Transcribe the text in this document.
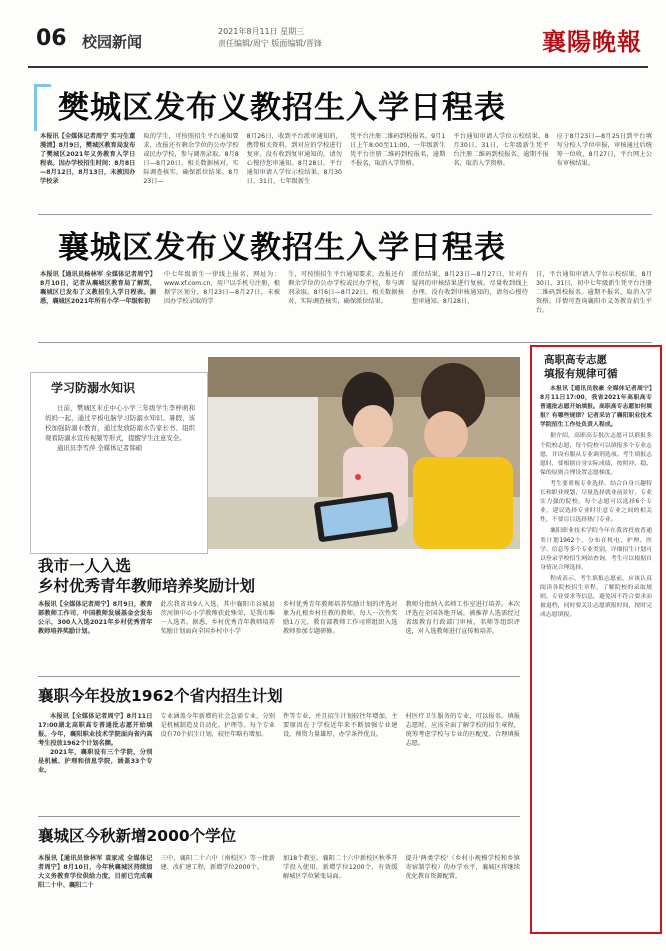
06 校园新闻
2021年8月11日 星期三
责任编辑/周宁 版面编辑/晋锋	襄陽晚報
樊城区发布义教招生入学日程表
本报讯【全媒体记者周宁 实习生董漫清】8月9日，樊城区教育局发布了樊城区2021年义务教育入学日程表。因办学校招生时间：8月8日—8月12日，8月13日，未被因办学校录
取的学生，可按照招生平台通知要求，改报还有剩余学位的公办学校或民办学校，参与调剂录取。8月8日—8月20日，相关数据核对，实际调查核实，确保派位结果。8月23日—
8月26日，收到平台派审通知的，携带相关资料，到对应的学校进行复审。没有收到复审通知的，请勿心慢待您审通知。8月28日，平台通知审请人学位示校结果，8月30日、31日，七年级新生
凭平台注册二维码到校报名。9月1日上午8:00至11:00，一年级新生凭平台注册二维码到校报名，逾期不报名，取消入学资格。
平台通知审请人学位示校结果，8月30日、31日，七年级新生凭平台注册二维码到校报名，逾期不报名，取消入学资格。
应于8月23日—8月25日到平台填写分校人学位申报，审核通过后统筹一位收，8月27日，平台网上公布审核结果。
襄城区发布义教招生入学日程表
本报讯【通讯员杨林军 全媒体记者周宁】8月10日，记者从襄城区教育局了解到，襄城区已发布了义教招生入学日程表。据悉，襄城区2021年所有小学一年级和初
中七年级新生一律线上报名，网址为：www.xf.com.cn，用户以手机号注册，根据学区划分，8月23日—8月27日，未被因办学校录取的学
生，可按照招生平台通知要求，改报还有剩余学位的公办学校或民办学校，参与调剂录取。8月6日—8月22日，相关数据核对，实际调查核实，确保派位结果。
派位结果，8月23日—8月27日，针对有疑问的审核结果进行复核。尽量收到线上办理，没有收到审核通知的，请勿心慢待您审通知。8月28日，
日，平台通知审请人学位示校结果，8月30日、31日，初中七年级新生凭平台注册二维码到校报名。逾期不报名，取消入学资格。详情可查询襄阳市义务教育招生平台。
学习防溺水知识

日前，樊城区米庄中心小学三年级学生李梓萌和妈妈一起，通过平板电脑学习防溺水知识。暑假，该校加强防溺水教育，通过发放防溺水告家长书、组织观看防溺水宣传视频等形式，提醒学生注意安全。

通讯员李雪萍 全媒体记者韩硕

我市一人入选
乡村优秀青年教师培养奖励计划
本报讯【全媒体记者周宁】8月9日，教育部教师工作司、中国教师发展基金会发布公示，300人入选2021年乡村优秀青年教师培养奖励计划。
此次我省共9人入选，其中襄阳市谷城县茨河镇中心小学教师获此殊荣，是我市唯一入选者。据悉，乡村优秀青年教师培养奖励计划面向全国乡村中小学
乡村优秀青年教师培养奖励计划的评选对象为扎根乡村任教的教师。每人一次性奖励1万元，教育部教师工作司将组织入选教师参加专题研修。
教师分批纳入名师工作室进行培养。本次评选在全国各地开展，被推荐人选需经过省级教育行政部门审核，名师等组织评选，对入选教师进行宣传和培养。
襄职今年投放1962个省内招生计划

本报讯【全媒体记者周宁】8月11日17:00湖北高职高专普通批志愿开始填报。今年，襄阳职业技术学院面向省内高考生投放1962个计划名额。

2021年，襄职设有三个学院，分别是机械、护理和信息学院，涵盖33个专业。

专业涵盖今年新增的社会急需专业，分别是机械制造及自动化、护理等。每个专业设有70个招生计划，较往年略有增加。
件等专业，并且招生计划较往年增加，主要原因在于学校近年来不断加强专业建设，师资力量雄厚，办学条件优良。
村医疗卫生服务的专业，可以报名。填报志愿时，应该全面了解学校的招生章程，统筹考虑学校与专业的匹配度，合理填报志愿。
襄城区今秋新增2000个学位
本报讯【通讯员徐林军 袁家成 全媒体记者周宁】8月10日，今年秋襄城区持续加大义务教育学位供给力度，目前已完成襄阳二十中、襄阳二十
三中、襄阳二十六中（南校区）等一批新建、改扩建工程，新增学位2000个。
加18个教室。襄阳二十六中新校区秋季开学投入使用，新增学位1200个，有效缓解城区学位紧张局面。
提升'两类学校'（乡村小规模学校和乡镇寄宿制学校）的办学水平，襄城区将继续优化教育资源配置。
高职高专志愿
填报有规律可循

本报讯【通讯员敖豪 全媒体记者周宁】8月11日17:00，我省2021年高职高专普通批志愿开始填报。高职高专志愿如何填报？有哪些规律？记者采访了襄阳职业技术学院招生工作处负责人程成。

据介绍，高职高专批次志愿可以填报多个院校志愿，每个院校可以填报多个专业志愿，并设有服从专业调剂选项。考生填报志愿时，要根据自身实际成绩，按照冲、稳、保的原则合理设置志愿梯度。

考生要重视专业选择，结合自身兴趣特长和职业规划，尽量选择就业前景好、专业实力强的院校。每个志愿可以选择6个专业，建议选择专业时注意专业之间的相关性，不要盲目选择热门专业。

襄阳职业技术学院今年在我省投放普通类计划1962个，分布在机电、护理、医学、信息等多个专业类别，详细招生计划可以登录学校招生网站查询，考生可以根据自身情况合理选择。

程成表示，考生填报志愿前，应该认真阅读各院校招生章程，了解院校的录取规则、专业要求等信息，避免因不符合要求而被退档，同时要关注志愿填报时间，按时完成志愿填报。
